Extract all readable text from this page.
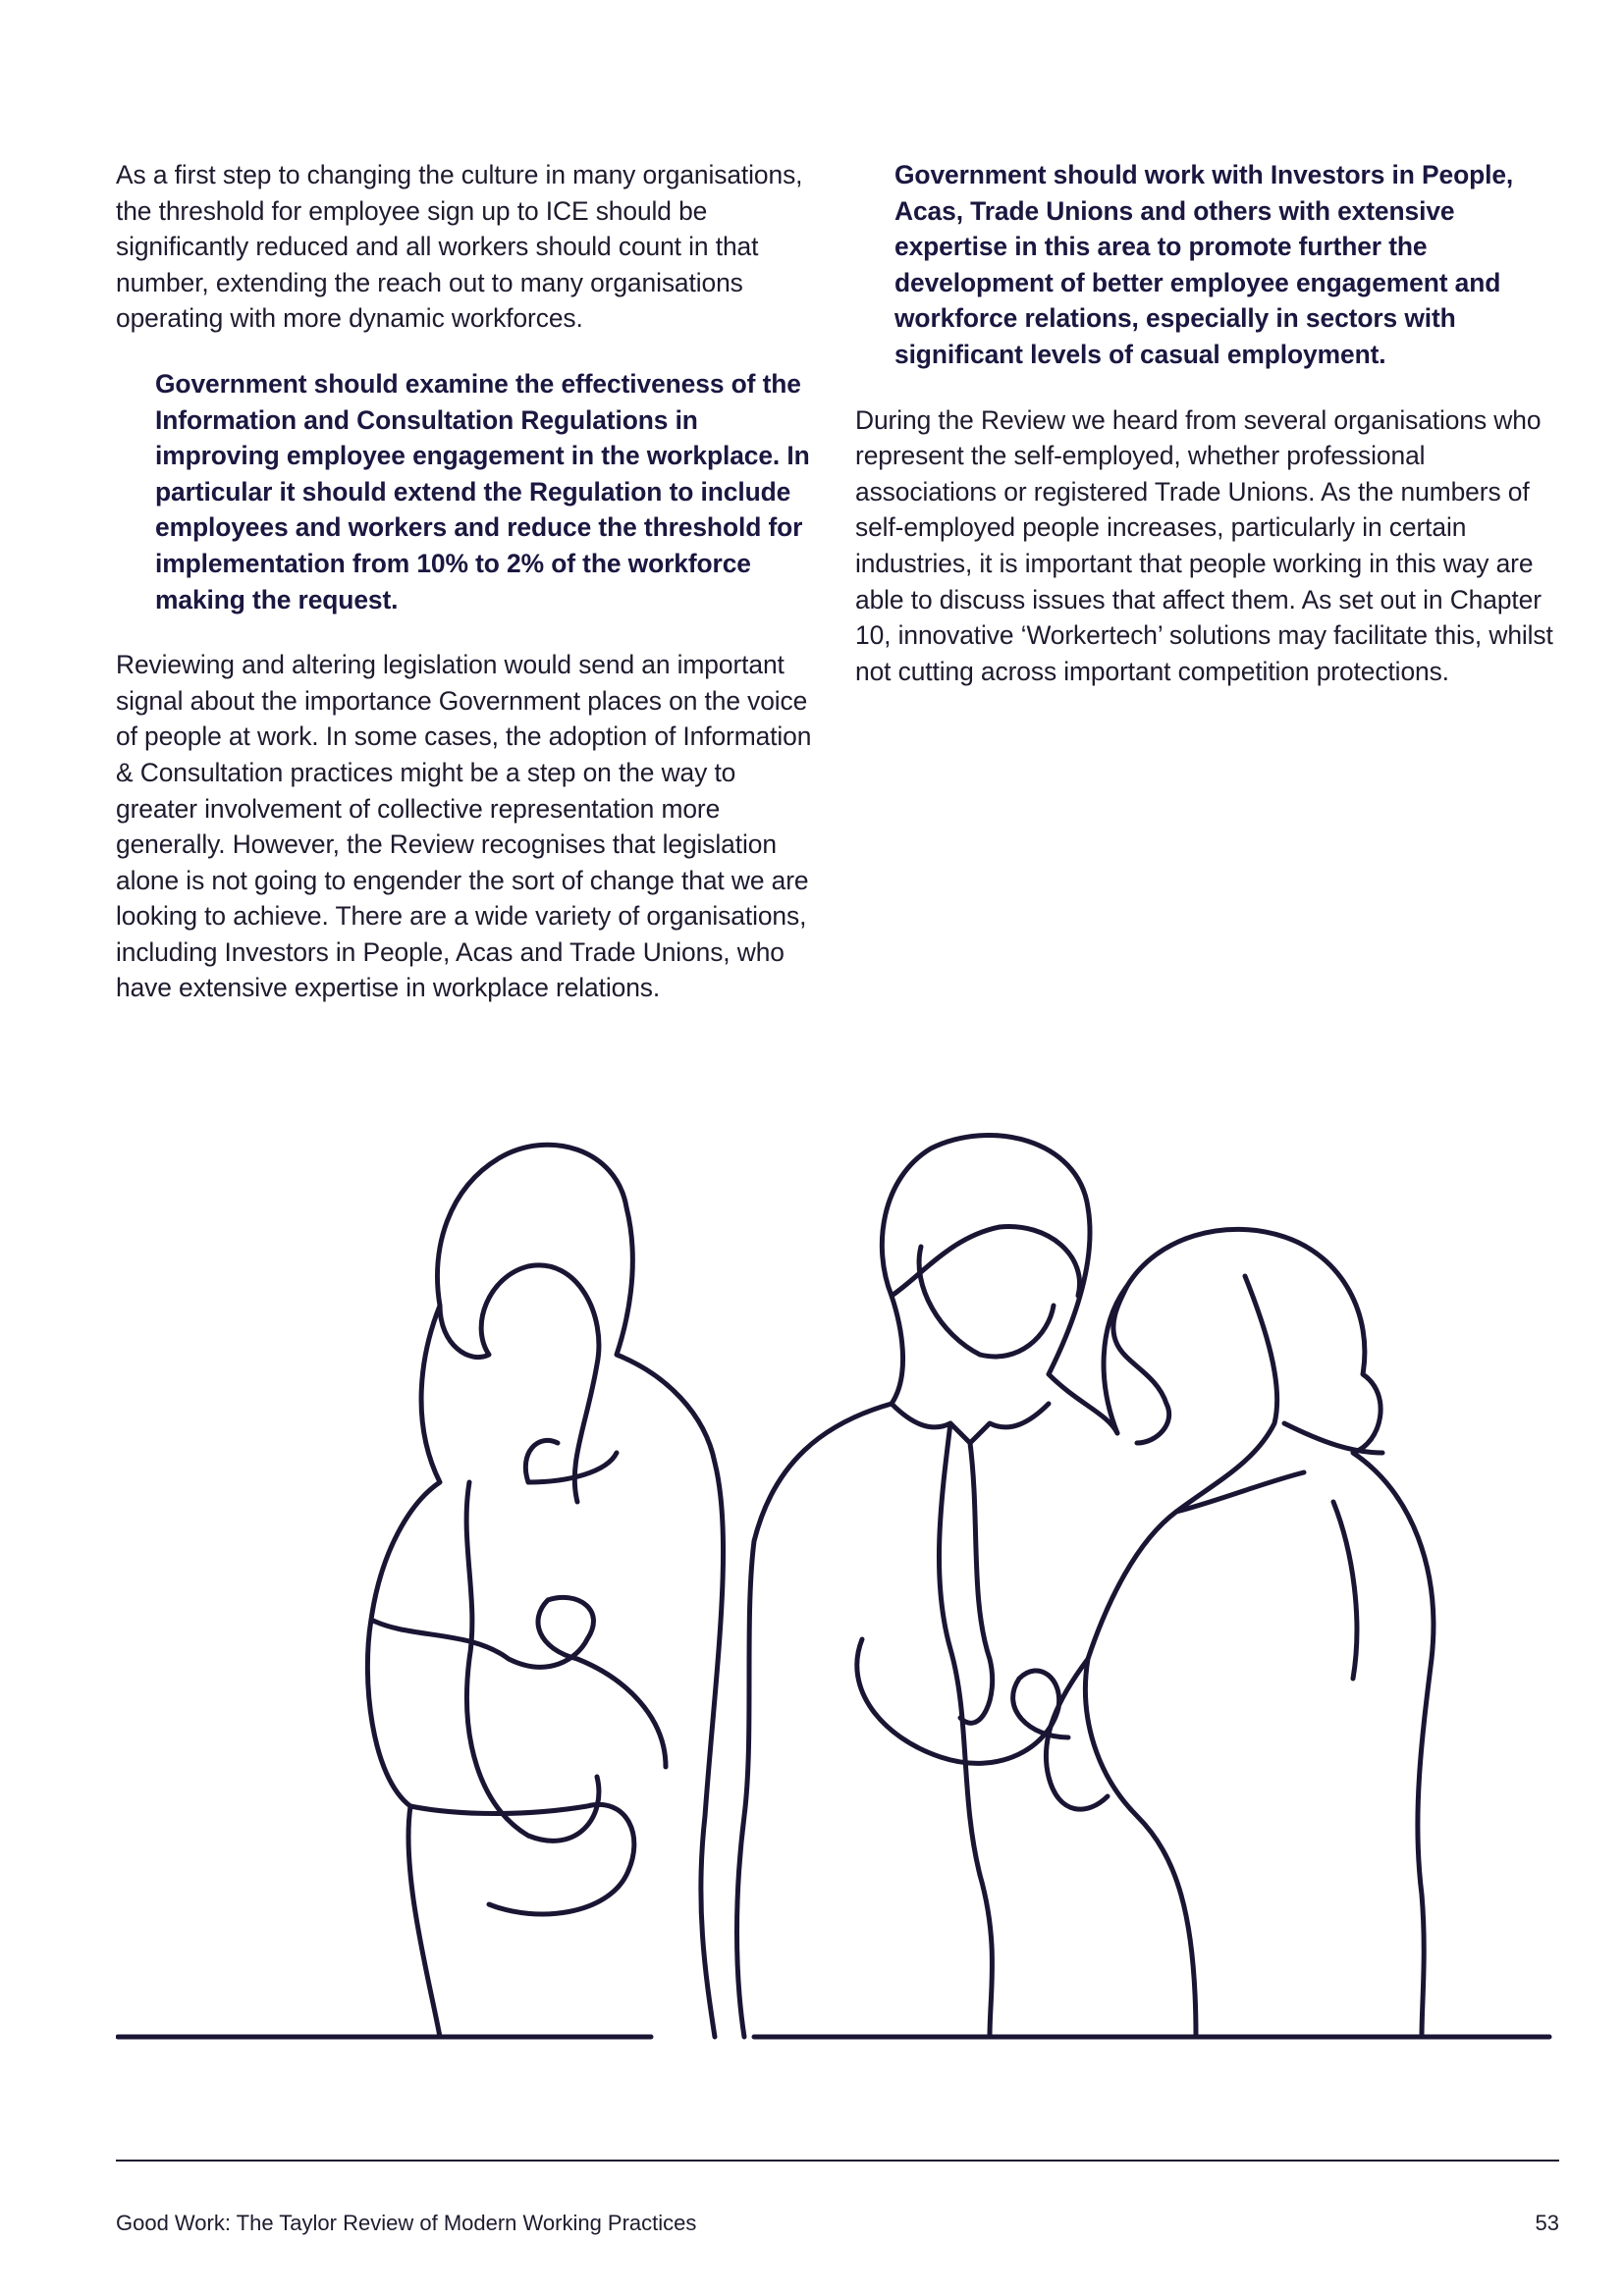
As a first step to changing the culture in many organisations, the threshold for employee sign up to ICE should be significantly reduced and all workers should count in that number, extending the reach out to many organisations operating with more dynamic workforces.

Government should examine the effectiveness of the Information and Consultation Regulations in improving employee engagement in the workplace. In particular it should extend the Regulation to include employees and workers and reduce the threshold for implementation from 10% to 2% of the workforce making the request.

Reviewing and altering legislation would send an important signal about the importance Government places on the voice of people at work. In some cases, the adoption of Information & Consultation practices might be a step on the way to greater involvement of collective representation more generally. However, the Review recognises that legislation alone is not going to engender the sort of change that we are looking to achieve. There are a wide variety of organisations, including Investors in People, Acas and Trade Unions, who have extensive expertise in workplace relations.

Government should work with Investors in People, Acas, Trade Unions and others with extensive expertise in this area to promote further the development of better employee engagement and workforce relations, especially in sectors with significant levels of casual employment.

During the Review we heard from several organisations who represent the self-employed, whether professional associations or registered Trade Unions. As the numbers of self-employed people increases, particularly in certain industries, it is important that people working in this way are able to discuss issues that affect them. As set out in Chapter 10, innovative ‘Workertech’ solutions may facilitate this, whilst not cutting across important competition protections.

Good Work: The Taylor Review of Modern Working Practices	53
